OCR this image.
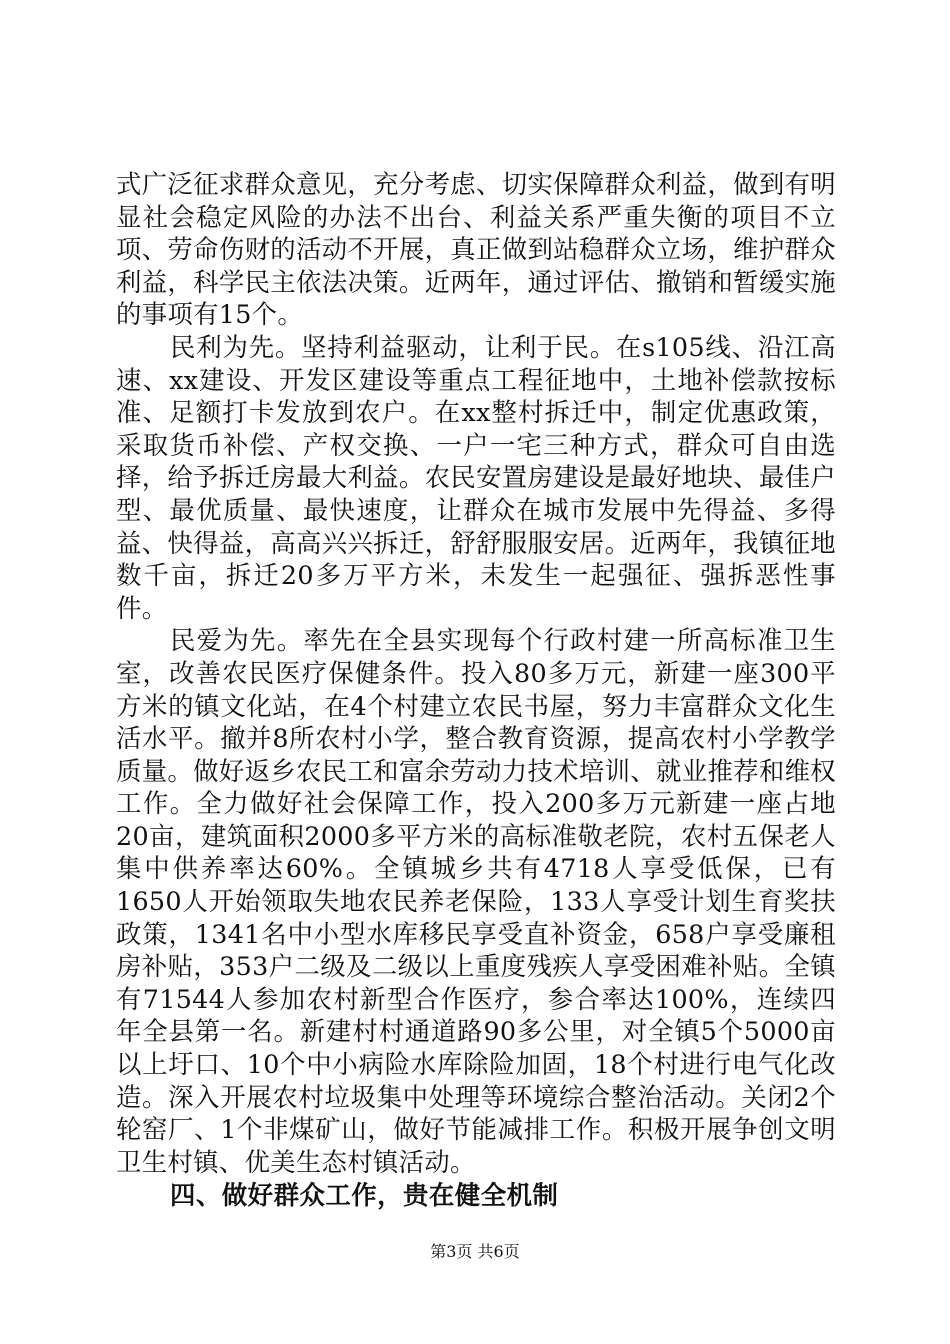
式广泛征求群众意见，充分考虑、切实保障群众利益，做到有明显社会稳定风险的办法不出台、利益关系严重失衡的项目不立项、劳命伤财的活动不开展，真正做到站稳群众立场，维护群众利益，科学民主依法决策。近两年，通过评估、撤销和暂缓实施的事项有15个。

民利为先。坚持利益驱动，让利于民。在s105线、沿江高速、xx建设、开发区建设等重点工程征地中，土地补偿款按标准、足额打卡发放到农户。在xx整村拆迁中，制定优惠政策，采取货币补偿、产权交换、一户一宅三种方式，群众可自由选择，给予拆迁房最大利益。农民安置房建设是最好地块、最佳户型、最优质量、最快速度，让群众在城市发展中先得益、多得益、快得益，高高兴兴拆迁，舒舒服服安居。近两年，我镇征地数千亩，拆迁20多万平方米，未发生一起强征、强拆恶性事件。

民爱为先。率先在全县实现每个行政村建一所高标准卫生室，改善农民医疗保健条件。投入80多万元，新建一座300平方米的镇文化站，在4个村建立农民书屋，努力丰富群众文化生活水平。撤并8所农村小学，整合教育资源，提高农村小学教学质量。做好返乡农民工和富余劳动力技术培训、就业推荐和维权工作。全力做好社会保障工作，投入200多万元新建一座占地20亩，建筑面积2000多平方米的高标准敬老院，农村五保老人集中供养率达60%。全镇城乡共有4718人享受低保，已有1650人开始领取失地农民养老保险，133人享受计划生育奖扶政策，1341名中小型水库移民享受直补资金，658户享受廉租房补贴，353户二级及二级以上重度残疾人享受困难补贴。全镇有71544人参加农村新型合作医疗，参合率达100%，连续四年全县第一名。新建村村通道路90多公里，对全镇5个5000亩以上圩口、10个中小病险水库除险加固，18个村进行电气化改造。深入开展农村垃圾集中处理等环境综合整治活动。关闭2个轮窑厂、1个非煤矿山，做好节能减排工作。积极开展争创文明卫生村镇、优美生态村镇活动。

四、做好群众工作，贵在健全机制
第3页 共6页
